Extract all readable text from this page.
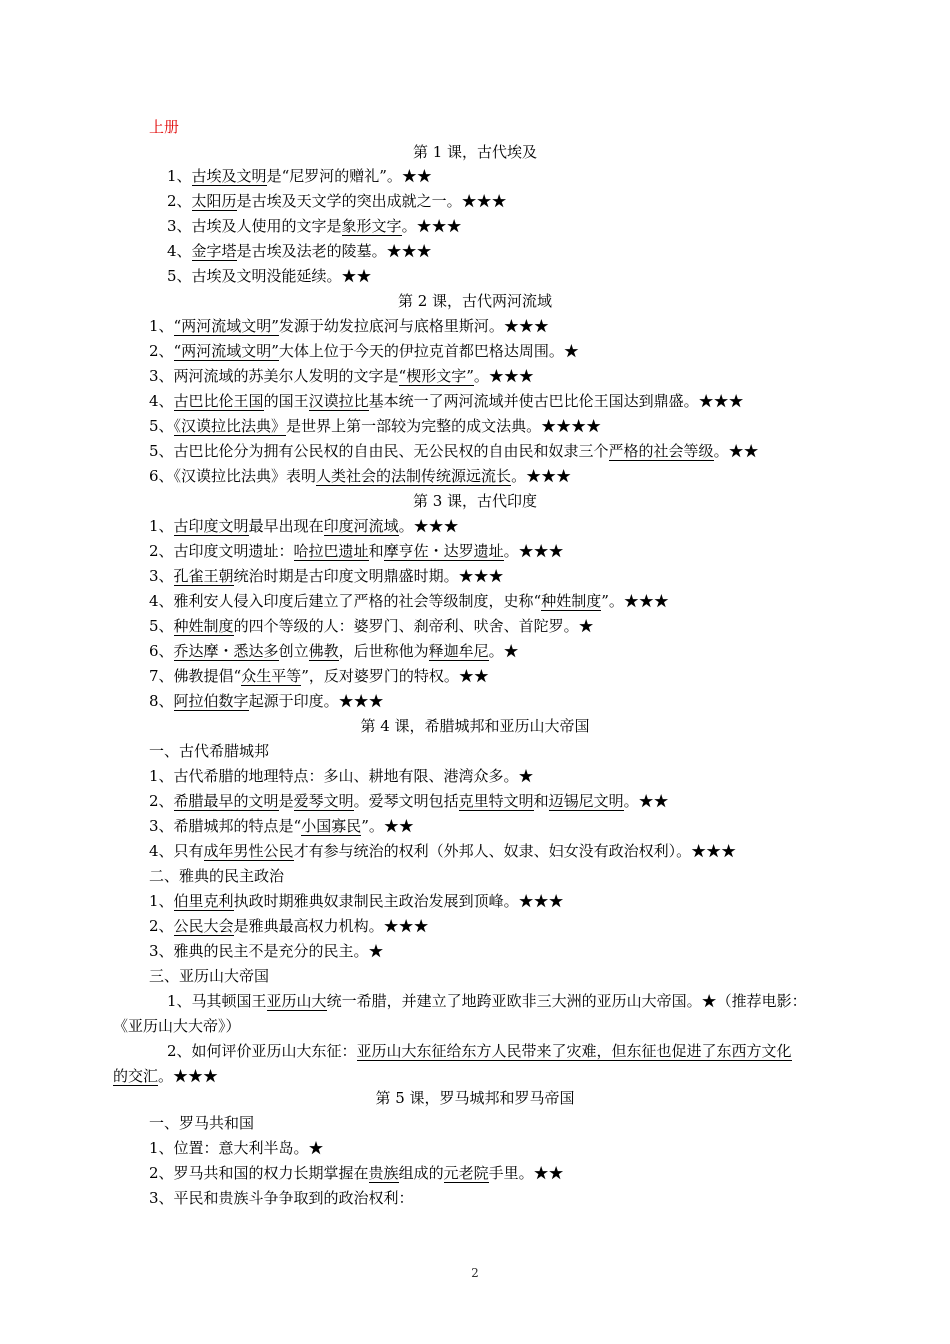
上册
第 1 课，古代埃及
1、古埃及文明是“尼罗河的赠礼”。★★
2、太阳历是古埃及天文学的突出成就之一。★★★
3、古埃及人使用的文字是象形文字。★★★
4、金字塔是古埃及法老的陵墓。★★★
5、古埃及文明没能延续。★★
第 2 课，古代两河流域
1、“两河流域文明”发源于幼发拉底河与底格里斯河。★★★
2、“两河流域文明”大体上位于今天的伊拉克首都巴格达周围。★
3、两河流域的苏美尔人发明的文字是“楔形文字”。★★★
4、古巴比伦王国的国王汉谟拉比基本统一了两河流域并使古巴比伦王国达到鼎盛。★★★
5、《汉谟拉比法典》是世界上第一部较为完整的成文法典。★★★★
5、古巴比伦分为拥有公民权的自由民、无公民权的自由民和奴隶三个严格的社会等级。★★
6、《汉谟拉比法典》表明人类社会的法制传统源远流长。★★★
第 3 课，古代印度
1、古印度文明最早出现在印度河流域。★★★
2、古印度文明遗址：哈拉巴遗址和摩亨佐・达罗遗址。★★★
3、孔雀王朝统治时期是古印度文明鼎盛时期。★★★
4、雅利安人侵入印度后建立了严格的社会等级制度，史称“种姓制度”。★★★
5、种姓制度的四个等级的人：婆罗门、刹帝利、吠舍、首陀罗。★
6、乔达摩・悉达多创立佛教，后世称他为释迦牟尼。★
7、佛教提倡“众生平等”，反对婆罗门的特权。★★
8、阿拉伯数字起源于印度。★★★
第 4 课，希腊城邦和亚历山大帝国
一、古代希腊城邦
1、古代希腊的地理特点：多山、耕地有限、港湾众多。★
2、希腊最早的文明是爱琴文明。爱琴文明包括克里特文明和迈锡尼文明。★★
3、希腊城邦的特点是“小国寡民”。★★
4、只有成年男性公民才有参与统治的权利（外邦人、奴隶、妇女没有政治权利）。★★★
二、雅典的民主政治
1、伯里克利执政时期雅典奴隶制民主政治发展到顶峰。★★★
2、公民大会是雅典最高权力机构。★★★
3、雅典的民主不是充分的民主。★
三、亚历山大帝国
1、马其顿国王亚历山大统一希腊，并建立了地跨亚欧非三大洲的亚历山大帝国。★（推荐电影：
《亚历山大大帝》）
2、如何评价亚历山大东征：亚历山大东征给东方人民带来了灾难，但东征也促进了东西方文化
的交汇。★★★
第 5 课，罗马城邦和罗马帝国
一、罗马共和国
1、位置：意大利半岛。★
2、罗马共和国的权力长期掌握在贵族组成的元老院手里。★★
3、平民和贵族斗争争取到的政治权利：
2
